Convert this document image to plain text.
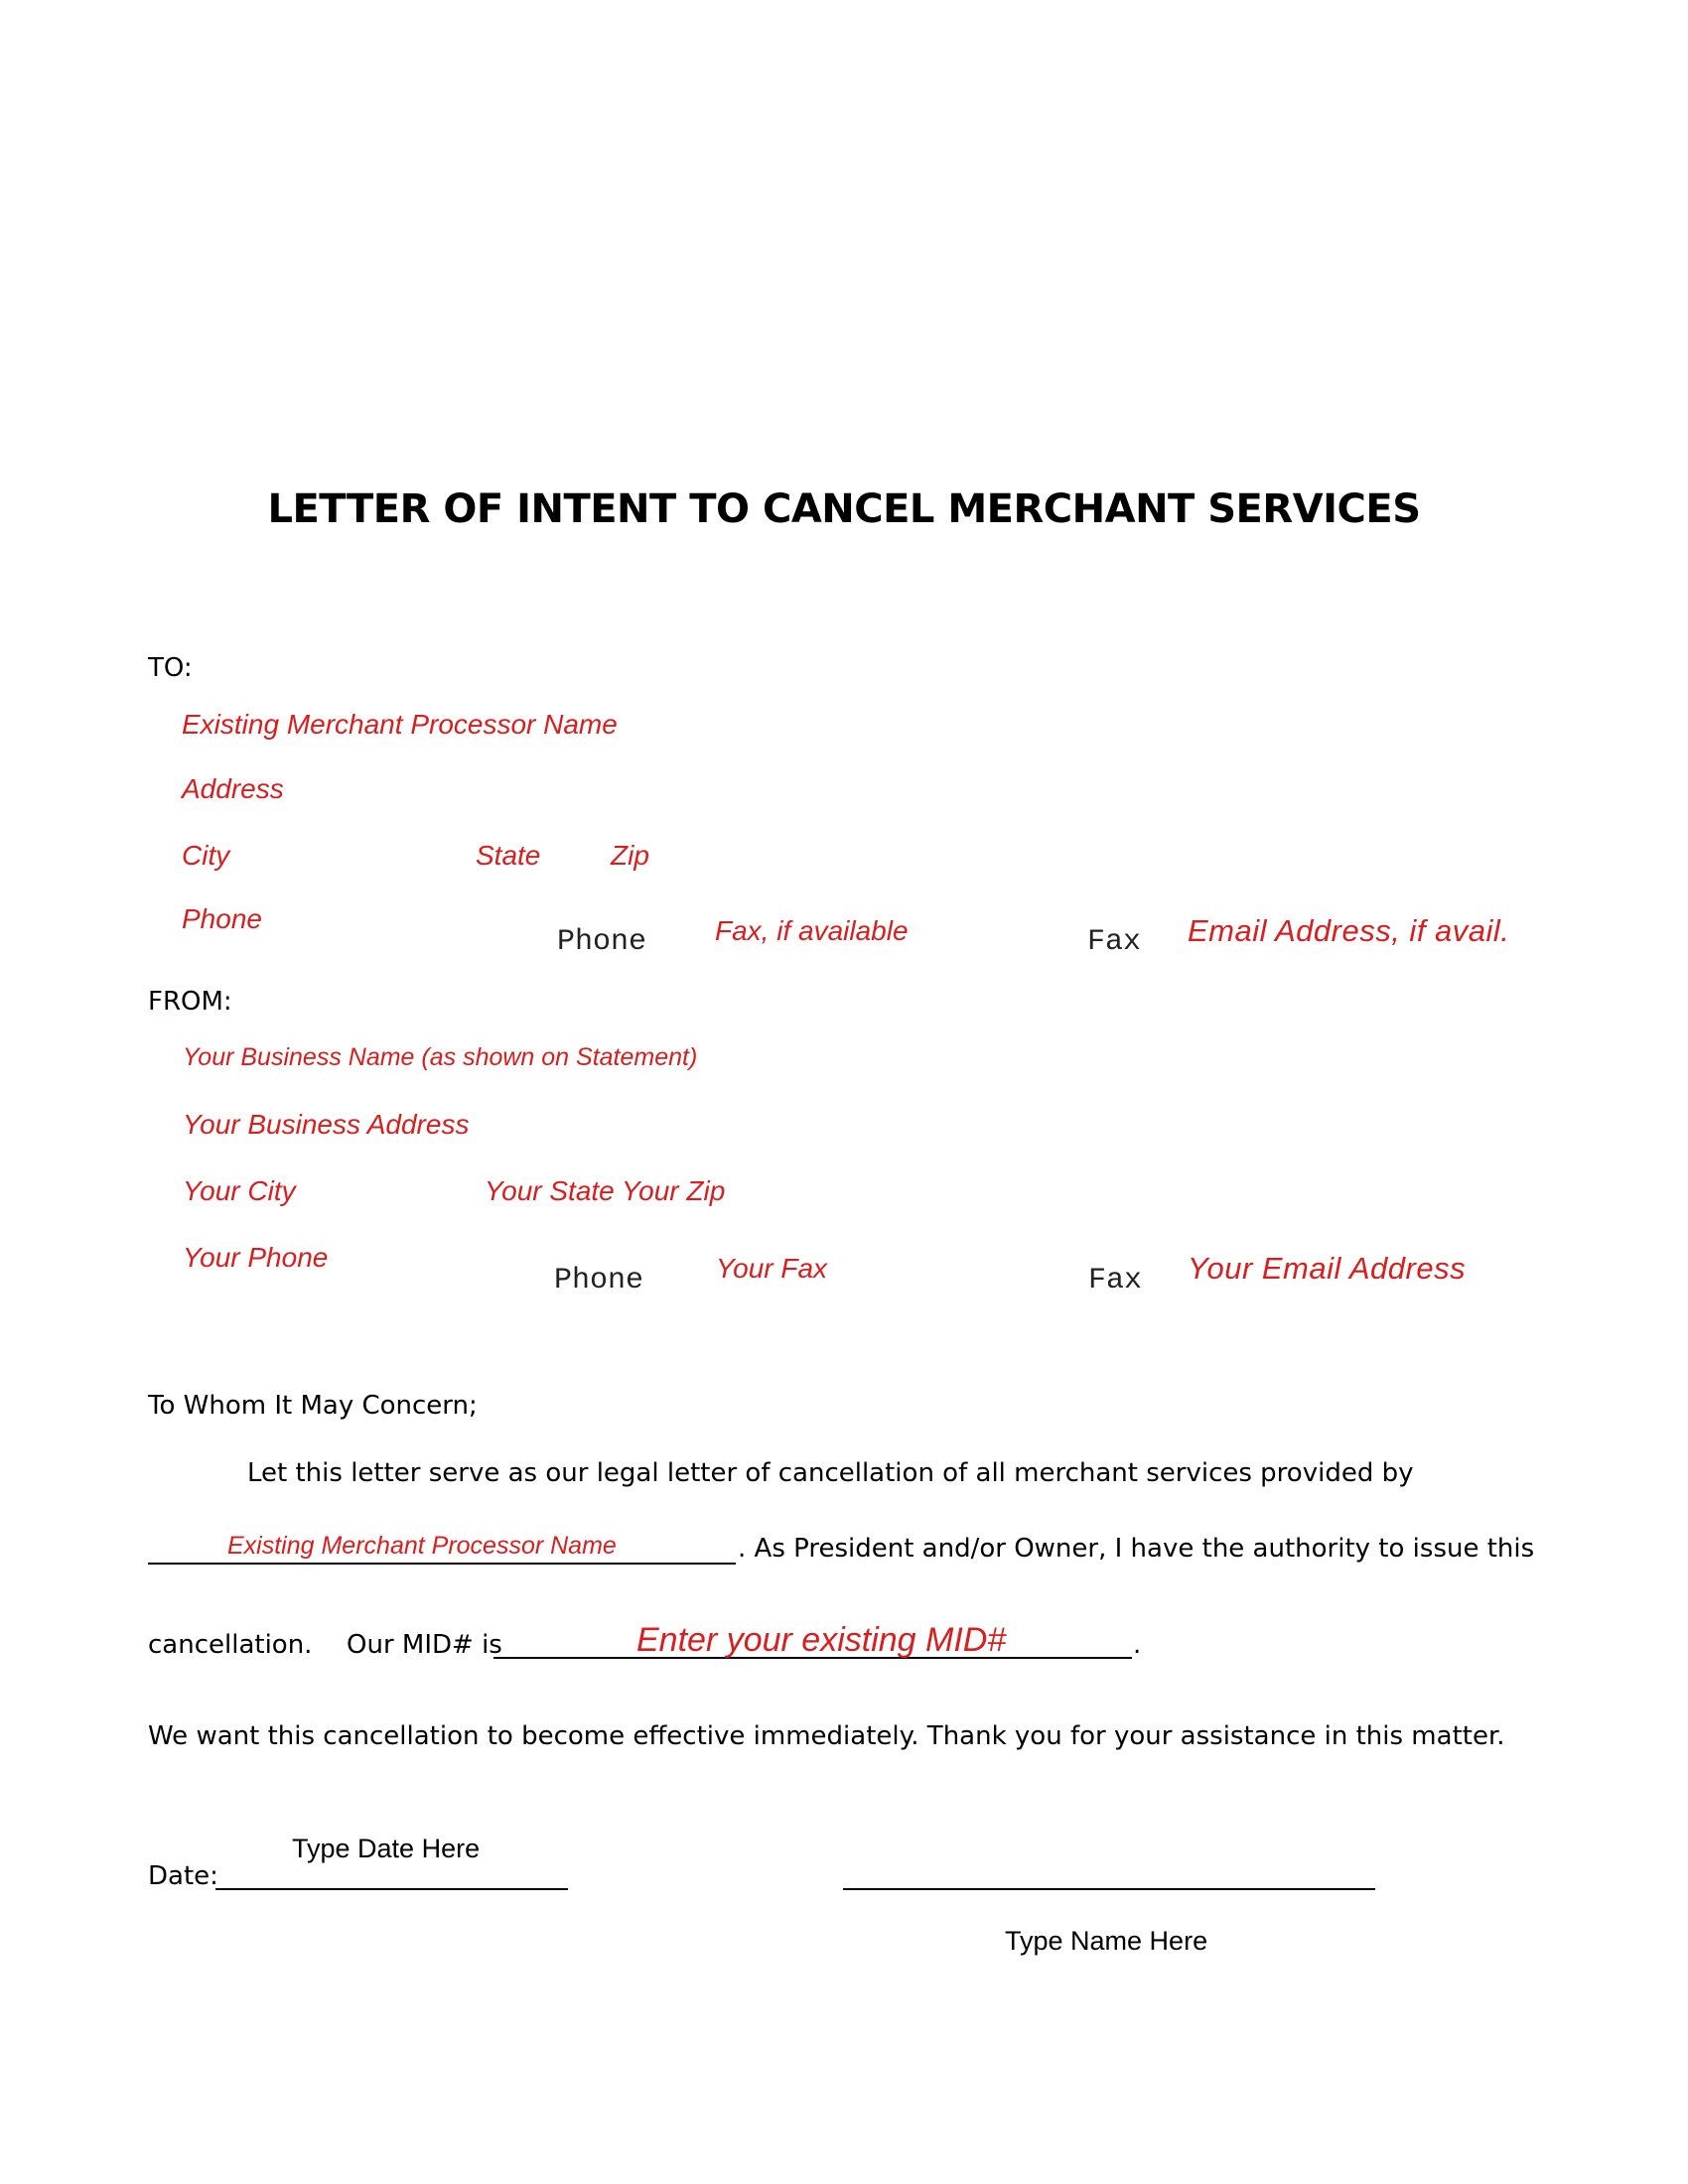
LETTER OF INTENT TO CANCEL MERCHANT SERVICES
TO:
Existing Merchant Processor Name
Address
City	State	Zip
Phone
Phone Fax, if available	Fax Email Address, if avail.
FROM:
Your Business Name (as shown on Statement)
Your Business Address
Your City	Your State Your Zip
Your Phone
Phone	Your Fax	Fax Your Email Address
To Whom It May Concern;
Let this letter serve as our legal letter of cancellation of all merchant services provided by
Existing Merchant Processor Name	. As President and/or Owner, I have the authority to issue this
cancellation. Our MID# is	Enter your existing MID#	.
We want this cancellation to become effective immediately. Thank you for your assistance in this matter.
Type Date Here
Date:
Type Name Here
